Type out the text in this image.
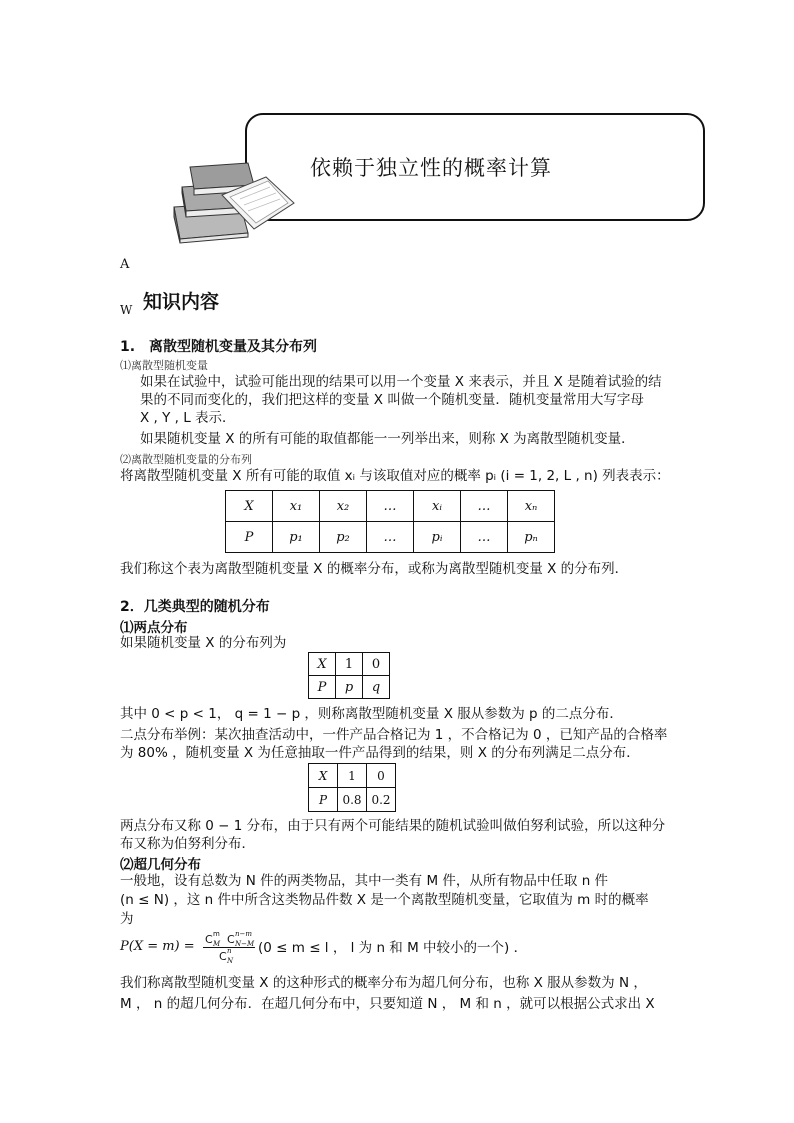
依赖于独立性的概率计算
A
W 知识内容
1.　离散型随机变量及其分布列
⑴离散型随机变量
如果在试验中，试验可能出现的结果可以用一个变量 X 来表示，并且 X 是随着试验的结
果的不同而变化的，我们把这样的变量 X 叫做一个随机变量．随机变量常用大写字母
X , Y , L 表示．
如果随机变量 X 的所有可能的取值都能一一列举出来，则称 X 为离散型随机变量．
⑵离散型随机变量的分布列
将离散型随机变量 X 所有可能的取值 xᵢ 与该取值对应的概率 pᵢ (i = 1, 2, L , n) 列表表示：
X	x₁	x₂	…	xᵢ	…	xₙ
P	p₁	p₂	…	pᵢ	…	pₙ
我们称这个表为离散型随机变量 X 的概率分布，或称为离散型随机变量 X 的分布列．
2．几类典型的随机分布
⑴两点分布
如果随机变量 X 的分布列为
X	1	0
P	p	q
其中 0 < p < 1， q = 1 − p ，则称离散型随机变量 X 服从参数为 p 的二点分布．
二点分布举例：某次抽查活动中，一件产品合格记为 1 ，不合格记为 0 ，已知产品的合格率
为 80% ，随机变量 X 为任意抽取一件产品得到的结果，则 X 的分布列满足二点分布．
X	1	0
P	0.8	0.2
两点分布又称 0 − 1 分布，由于只有两个可能结果的随机试验叫做伯努利试验，所以这种分
布又称为伯努利分布．
⑵超几何分布
一般地，设有总数为 N 件的两类物品，其中一类有 M 件，从所有物品中任取 n 件
(n ≤ N) ，这 n 件中所含这类物品件数 X 是一个离散型随机变量，它取值为 m 时的概率
为
P(X = m) = C m
M C n−m
N−M
C n
N
(0 ≤ m ≤ l ， l 为 n 和 M 中较小的一个) ．
我们称离散型随机变量 X 的这种形式的概率分布为超几何分布，也称 X 服从参数为 N ，
M ， n 的超几何分布．在超几何分布中，只要知道 N ， M 和 n ，就可以根据公式求出 X
